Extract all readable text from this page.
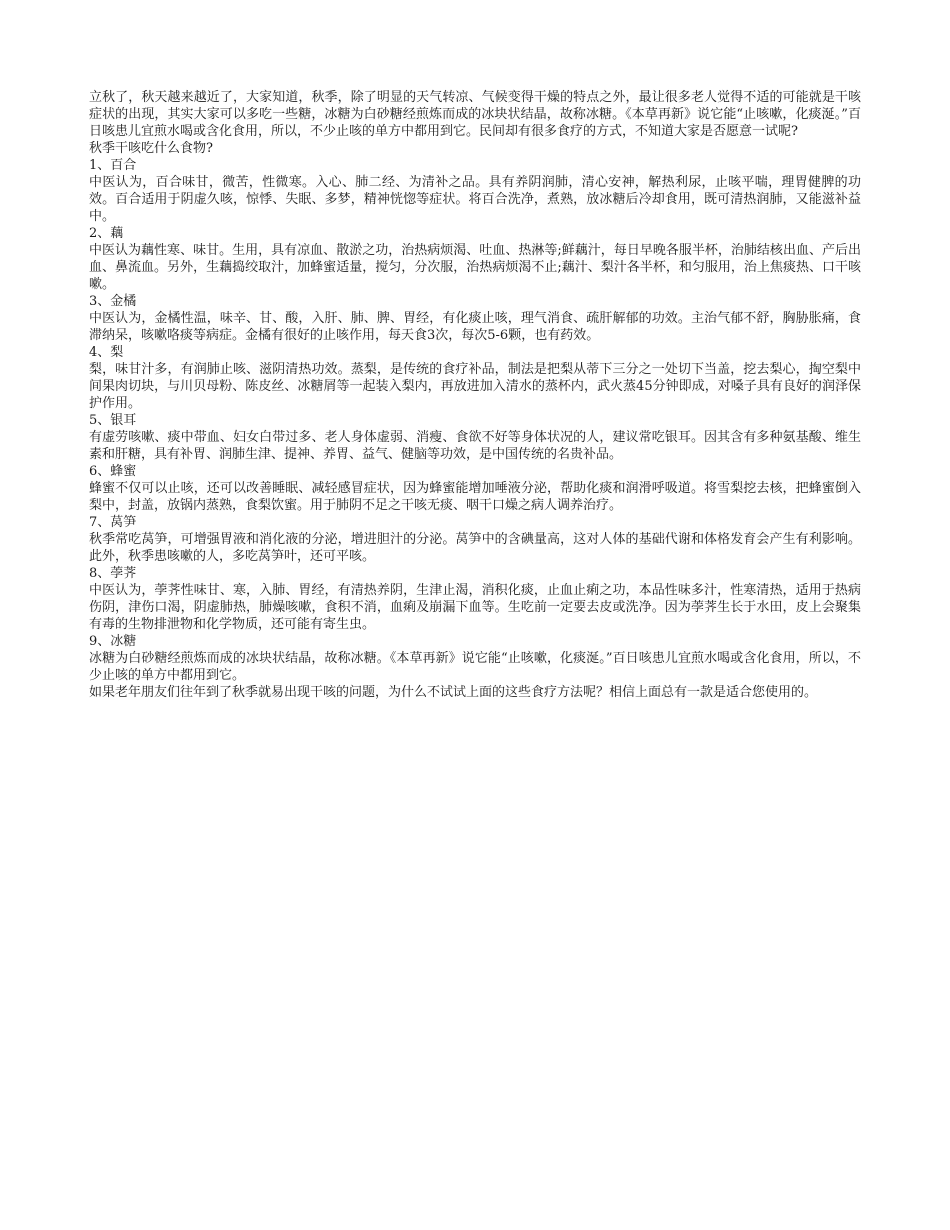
立秋了，秋天越来越近了，大家知道，秋季，除了明显的天气转凉、气候变得干燥的特点之外，最让很多老人觉得不适的可能就是干咳症状的出现，其实大家可以多吃一些糖，冰糖为白砂糖经煎炼而成的冰块状结晶，故称冰糖。《本草再新》说它能“止咳嗽，化痰涎。”百日咳患儿宜煎水喝或含化食用，所以，不少止咳的单方中都用到它。民间却有很多食疗的方式，不知道大家是否愿意一试呢?

秋季干咳吃什么食物?

1、百合

中医认为，百合味甘，微苦，性微寒。入心、肺二经、为清补之品。具有养阴润肺，清心安神，解热利尿，止咳平喘，理胃健脾的功效。百合适用于阴虚久咳，惊悸、失眠、多梦，精神恍惚等症状。将百合洗净，煮熟，放冰糖后冷却食用，既可清热润肺，又能滋补益中。

2、藕

中医认为藕性寒、味甘。生用，具有凉血、散淤之功，治热病烦渴、吐血、热淋等;鲜藕汁，每日早晚各服半杯，治肺结核出血、产后出血、鼻流血。另外，生藕捣绞取汁，加蜂蜜适量，搅匀，分次服，治热病烦渴不止;藕汁、梨汁各半杯，和匀服用，治上焦痰热、口干咳嗽。

3、金橘

中医认为，金橘性温，味辛、甘、酸，入肝、肺、脾、胃经，有化痰止咳，理气消食、疏肝解郁的功效。主治气郁不舒，胸胁胀痛，食滞纳呆，咳嗽咯痰等病症。金橘有很好的止咳作用，每天食3次，每次5-6颗，也有药效。

4、梨

梨，味甘汁多，有润肺止咳、滋阴清热功效。蒸梨，是传统的食疗补品，制法是把梨从蒂下三分之一处切下当盖，挖去梨心，掏空梨中间果肉切块，与川贝母粉、陈皮丝、冰糖屑等一起装入梨内，再放进加入清水的蒸杯内，武火蒸45分钟即成，对嗓子具有良好的润泽保护作用。

5、银耳

有虚劳咳嗽、痰中带血、妇女白带过多、老人身体虚弱、消瘦、食欲不好等身体状况的人，建议常吃银耳。因其含有多种氨基酸、维生素和肝糖，具有补胃、润肺生津、提神、养胃、益气、健脑等功效，是中国传统的名贵补品。

6、蜂蜜

蜂蜜不仅可以止咳，还可以改善睡眠、减轻感冒症状，因为蜂蜜能增加唾液分泌，帮助化痰和润滑呼吸道。将雪梨挖去核，把蜂蜜倒入梨中，封盖，放锅内蒸熟，食梨饮蜜。用于肺阴不足之干咳无痰、咽干口燥之病人调养治疗。

7、莴笋

秋季常吃莴笋，可增强胃液和消化液的分泌，增进胆汁的分泌。莴笋中的含碘量高，这对人体的基础代谢和体格发育会产生有利影响。此外，秋季患咳嗽的人，多吃莴笋叶，还可平咳。

8、荸荠

中医认为，荸荠性味甘、寒，入肺、胃经，有清热养阴，生津止渴，消积化痰，止血止痢之功，本品性味多汁，性寒清热，适用于热病伤阴，津伤口渴，阴虚肺热，肺燥咳嗽，食积不消，血痢及崩漏下血等。生吃前一定要去皮或洗净。因为荸荠生长于水田，皮上会聚集有毒的生物排泄物和化学物质，还可能有寄生虫。

9、冰糖

冰糖为白砂糖经煎炼而成的冰块状结晶，故称冰糖。《本草再新》说它能“止咳嗽，化痰涎。”百日咳患儿宜煎水喝或含化食用，所以，不少止咳的单方中都用到它。

如果老年朋友们往年到了秋季就易出现干咳的问题，为什么不试试上面的这些食疗方法呢？相信上面总有一款是适合您使用的。
